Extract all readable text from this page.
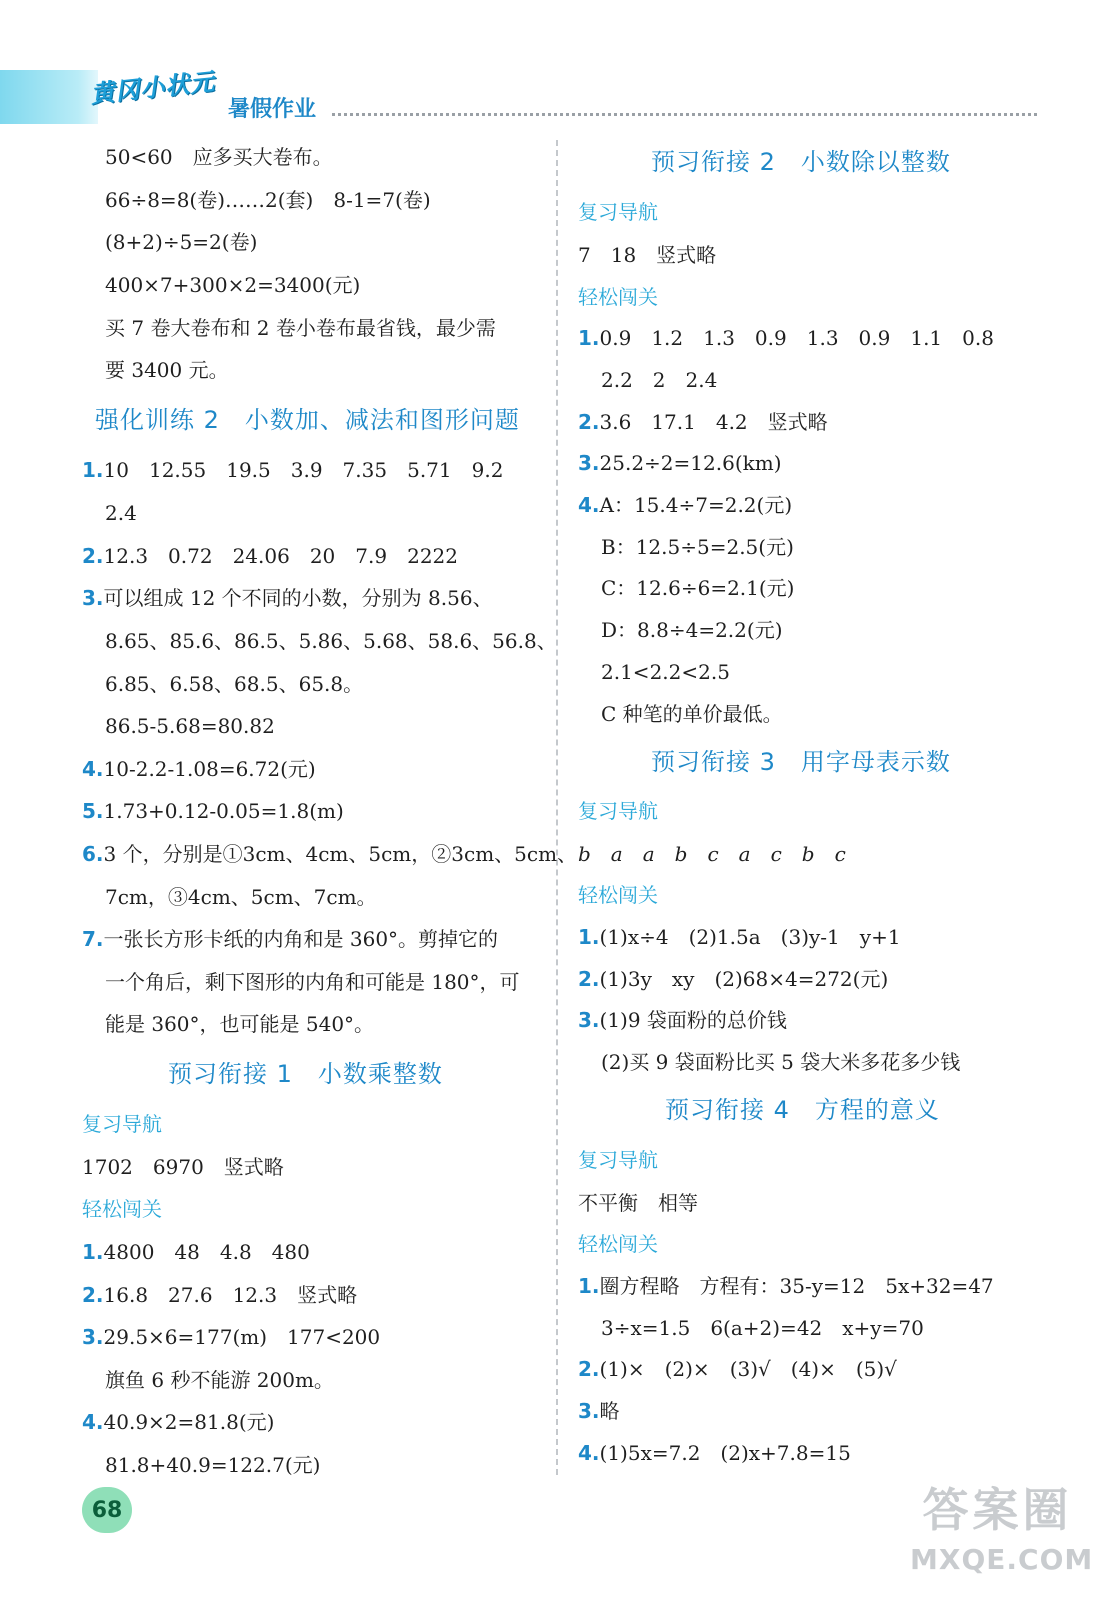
黄冈小状元
暑假作业
50<60　应多买大卷布。
66÷8=8(卷)……2(套)　8-1=7(卷)
(8+2)÷5=2(卷)
400×7+300×2=3400(元)
买 7 卷大卷布和 2 卷小卷布最省钱，最少需
要 3400 元。
强化训练 2　小数加、减法和图形问题
1.10　12.55　19.5　3.9　7.35　5.71　9.2
2.4
2.12.3　0.72　24.06　20　7.9　2222
3.可以组成 12 个不同的小数，分别为 8.56、
8.65、85.6、86.5、5.86、5.68、58.6、56.8、
6.85、6.58、68.5、65.8。
86.5-5.68=80.82
4.10-2.2-1.08=6.72(元)
5.1.73+0.12-0.05=1.8(m)
6.3 个，分别是①3cm、4cm、5cm，②3cm、5cm、
7cm，③4cm、5cm、7cm。
7.一张长方形卡纸的内角和是 360°。剪掉它的
一个角后，剩下图形的内角和可能是 180°，可
能是 360°，也可能是 540°。
预习衔接 1　小数乘整数
复习导航
1702　6970　竖式略
轻松闯关
1.4800　48　4.8　480
2.16.8　27.6　12.3　竖式略
3.29.5×6=177(m)　177<200
旗鱼 6 秒不能游 200m。
4.40.9×2=81.8(元)
81.8+40.9=122.7(元)
预习衔接 2　小数除以整数
复习导航
7　18　竖式略
轻松闯关
1.0.9　1.2　1.3　0.9　1.3　0.9　1.1　0.8
2.2　2　2.4
2.3.6　17.1　4.2　竖式略
3.25.2÷2=12.6(km)
4.A：15.4÷7=2.2(元)
B：12.5÷5=2.5(元)
C：12.6÷6=2.1(元)
D：8.8÷4=2.2(元)
2.1<2.2<2.5
C 种笔的单价最低。
预习衔接 3　用字母表示数
复习导航
b　a　a　b　c　a　c　b　c
轻松闯关
1.(1)x÷4　(2)1.5a　(3)y-1　y+1
2.(1)3y　xy　(2)68×4=272(元)
3.(1)9 袋面粉的总价钱
(2)买 9 袋面粉比买 5 袋大米多花多少钱
预习衔接 4　方程的意义
复习导航
不平衡　相等
轻松闯关
1.圈方程略　方程有：35-y=12　5x+32=47
3÷x=1.5　6(a+2)=42　x+y=70
2.(1)×　(2)×　(3)√　(4)×　(5)√
3.略
4.(1)5x=7.2　(2)x+7.8=15
68	答案圈
MXQE.COM
